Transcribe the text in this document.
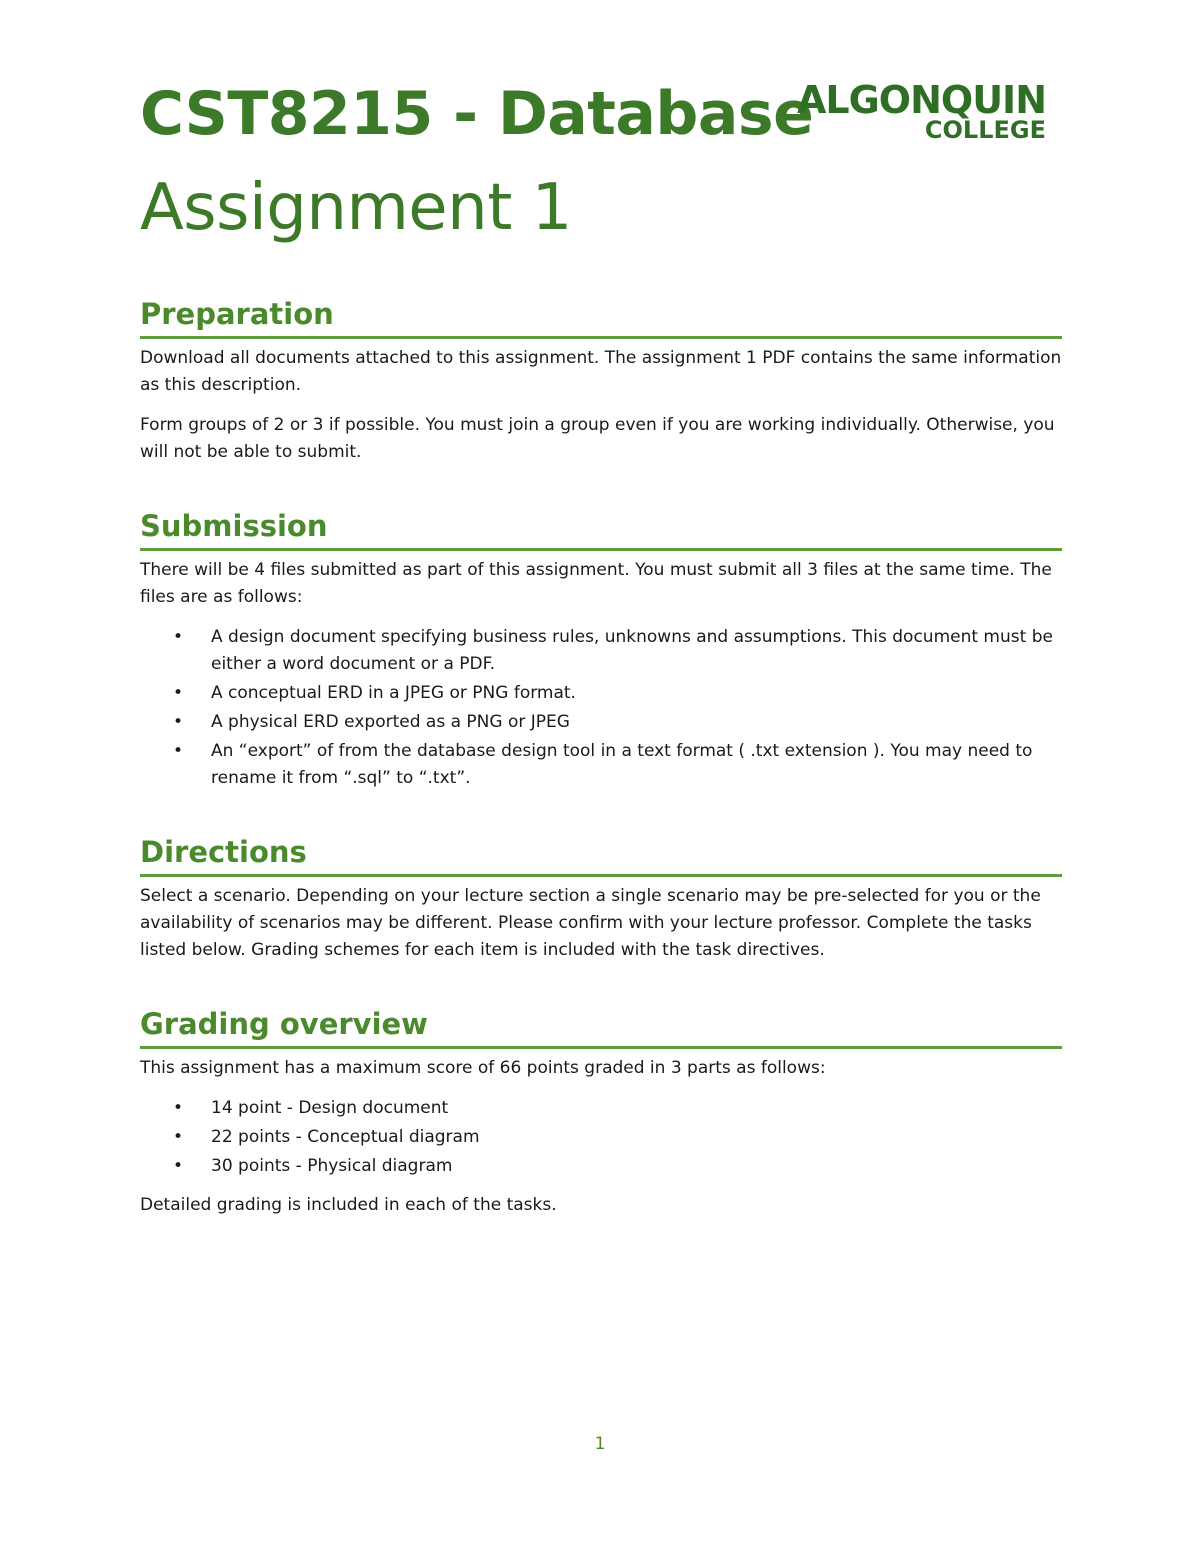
CST8215 - Database
Assignment 1
ALGONQUIN
COLLEGE
Preparation

Download all documents attached to this assignment. The assignment 1 PDF contains the same information as this description.

Form groups of 2 or 3 if possible. You must join a group even if you are working individually. Otherwise, you will not be able to submit.

Submission

There will be 4 files submitted as part of this assignment. You must submit all 3 files at the same time. The files are as follows:

• A design document specifying business rules, unknowns and assumptions. This document must be either a word document or a PDF.
• A conceptual ERD in a JPEG or PNG format.
• A physical ERD exported as a PNG or JPEG
• An “export” of from the database design tool in a text format ( .txt extension ). You may need to rename it from “.sql” to “.txt”.
Directions

Select a scenario. Depending on your lecture section a single scenario may be pre-selected for you or the availability of scenarios may be different. Please confirm with your lecture professor. Complete the tasks listed below. Grading schemes for each item is included with the task directives.

Grading overview

This assignment has a maximum score of 66 points graded in 3 parts as follows:

• 14 point - Design document
• 22 points - Conceptual diagram
• 30 points - Physical diagram

Detailed grading is included in each of the tasks.

1
